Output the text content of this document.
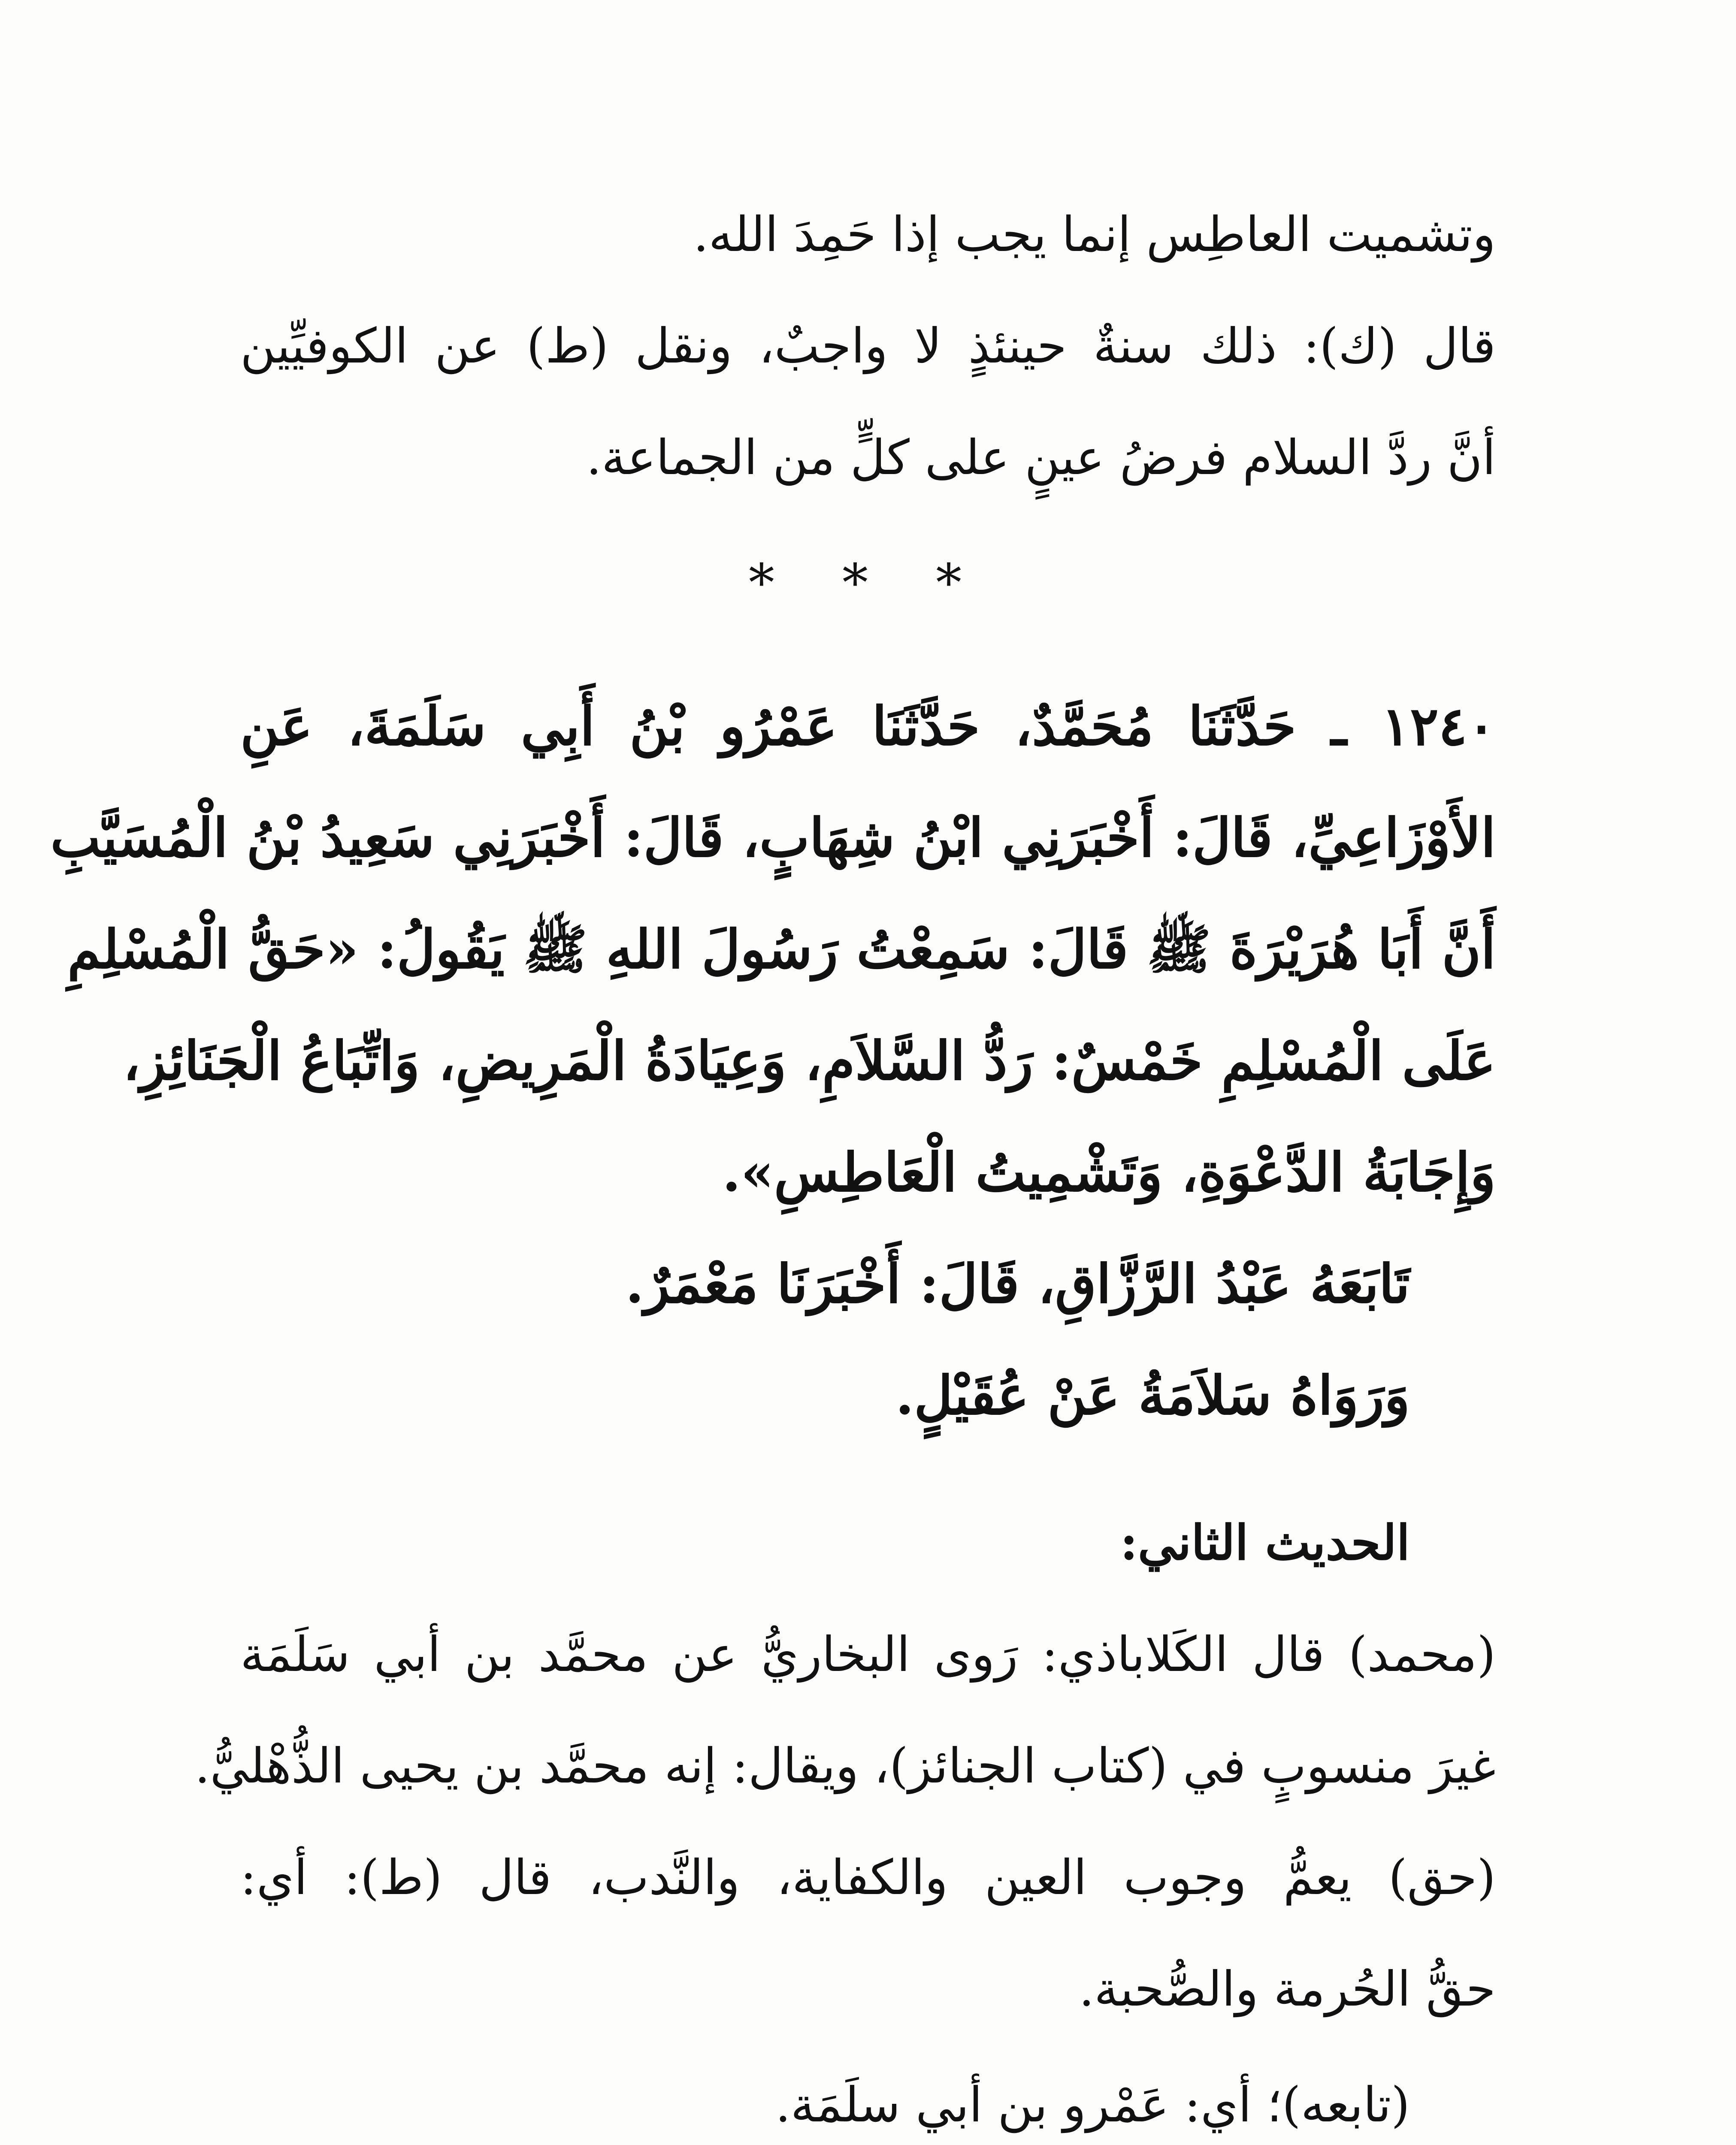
وتشميت العاطِس إنما يجب إذا حَمِدَ الله.
قال (ك): ذلك سنةٌ حينئذٍ لا واجبٌ، ونقل (ط) عن الكوفيِّين
أنَّ ردَّ السلام فرضُ عينٍ على كلٍّ من الجماعة.
* * *
١٢٤٠ ـ حَدَّثَنَا مُحَمَّدٌ، حَدَّثَنَا عَمْرُو بْنُ أَبِي سَلَمَةَ، عَنِ
الأَوْزَاعِيِّ، قَالَ: أَخْبَرَنِي ابْنُ شِهَابٍ، قَالَ: أَخْبَرَنِي سَعِيدُ بْنُ الْمُسَيَّبِ
أَنَّ أَبَا هُرَيْرَةَ ﷺ قَالَ: سَمِعْتُ رَسُولَ اللهِ ﷺ يَقُولُ: «حَقُّ الْمُسْلِمِ
عَلَى الْمُسْلِمِ خَمْسٌ: رَدُّ السَّلاَمِ، وَعِيَادَةُ الْمَرِيضِ، وَاتِّبَاعُ الْجَنَائِزِ،
وَإِجَابَةُ الدَّعْوَةِ، وَتَشْمِيتُ الْعَاطِسِ».
تَابَعَهُ عَبْدُ الرَّزَّاقِ، قَالَ: أَخْبَرَنَا مَعْمَرٌ.
وَرَوَاهُ سَلاَمَةُ عَنْ عُقَيْلٍ.
الحديث الثاني:
(محمد) قال الكَلاباذي: رَوى البخاريُّ عن محمَّد بن أبي سَلَمَة
غيرَ منسوبٍ في (كتاب الجنائز)، ويقال: إنه محمَّد بن يحيى الذُّهْليُّ.
(حق) يعمُّ وجوب العين والكفاية، والنَّدب، قال (ط): أي:
حقُّ الحُرمة والصُّحبة.
(تابعه)؛ أي: عَمْرو بن أبي سلَمَة.
